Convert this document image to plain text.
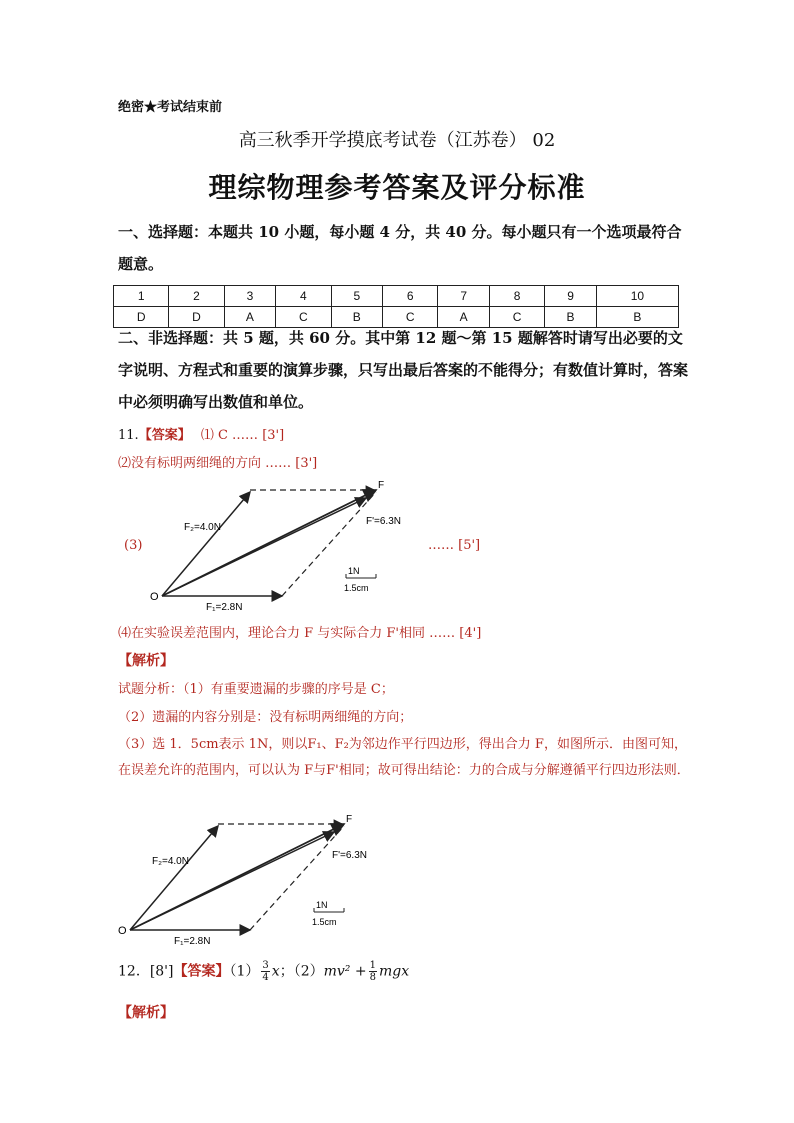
绝密★考试结束前
高三秋季开学摸底考试卷（江苏卷） 02
理综物理参考答案及评分标准
一、选择题：本题共 10 小题，每小题 4 分，共 40 分。每小题只有一个选项最符合题意。
1	2	3	4	5	6	7	8	9	10
D	D	A	C	B	C	A	C	B	B
二、非选择题：共 5 题，共 60 分。其中第 12 题～第 15 题解答时请写出必要的文字说明、方程式和重要的演算步骤，只写出最后答案的不能得分；有数值计算时，答案中必须明确写出数值和单位。
11.【答案】 ⑴ C …… [3']
⑵没有标明两细绳的方向 …… [3']
(3)
O
F₁=2.8N
F₂=4.0N
F
F'=6.3N
1N
1.5cm
…… [5']
⑷在实验误差范围内，理论合力 F 与实际合力 F'相同 …… [4']
【解析】
试题分析：（1）有重要遗漏的步骤的序号是 C；
（2）遗漏的内容分别是：没有标明两细绳的方向；
（3）选 1．5cm表示 1N，则以F₁、F₂为邻边作平行四边形，得出合力 F，如图所示．由图可知，在误差允许的范围内，可以认为 F与F'相同；故可得出结论：力的合成与分解遵循平行四边形法则．
O
F₁=2.8N
F₂=4.0N
F
F'=6.3N
1N
1.5cm
12．[8']【答案】$(1) \frac{3}{4}$ x；$(2)mv^2 + \frac{1}{8}$ mgx
【解析】
